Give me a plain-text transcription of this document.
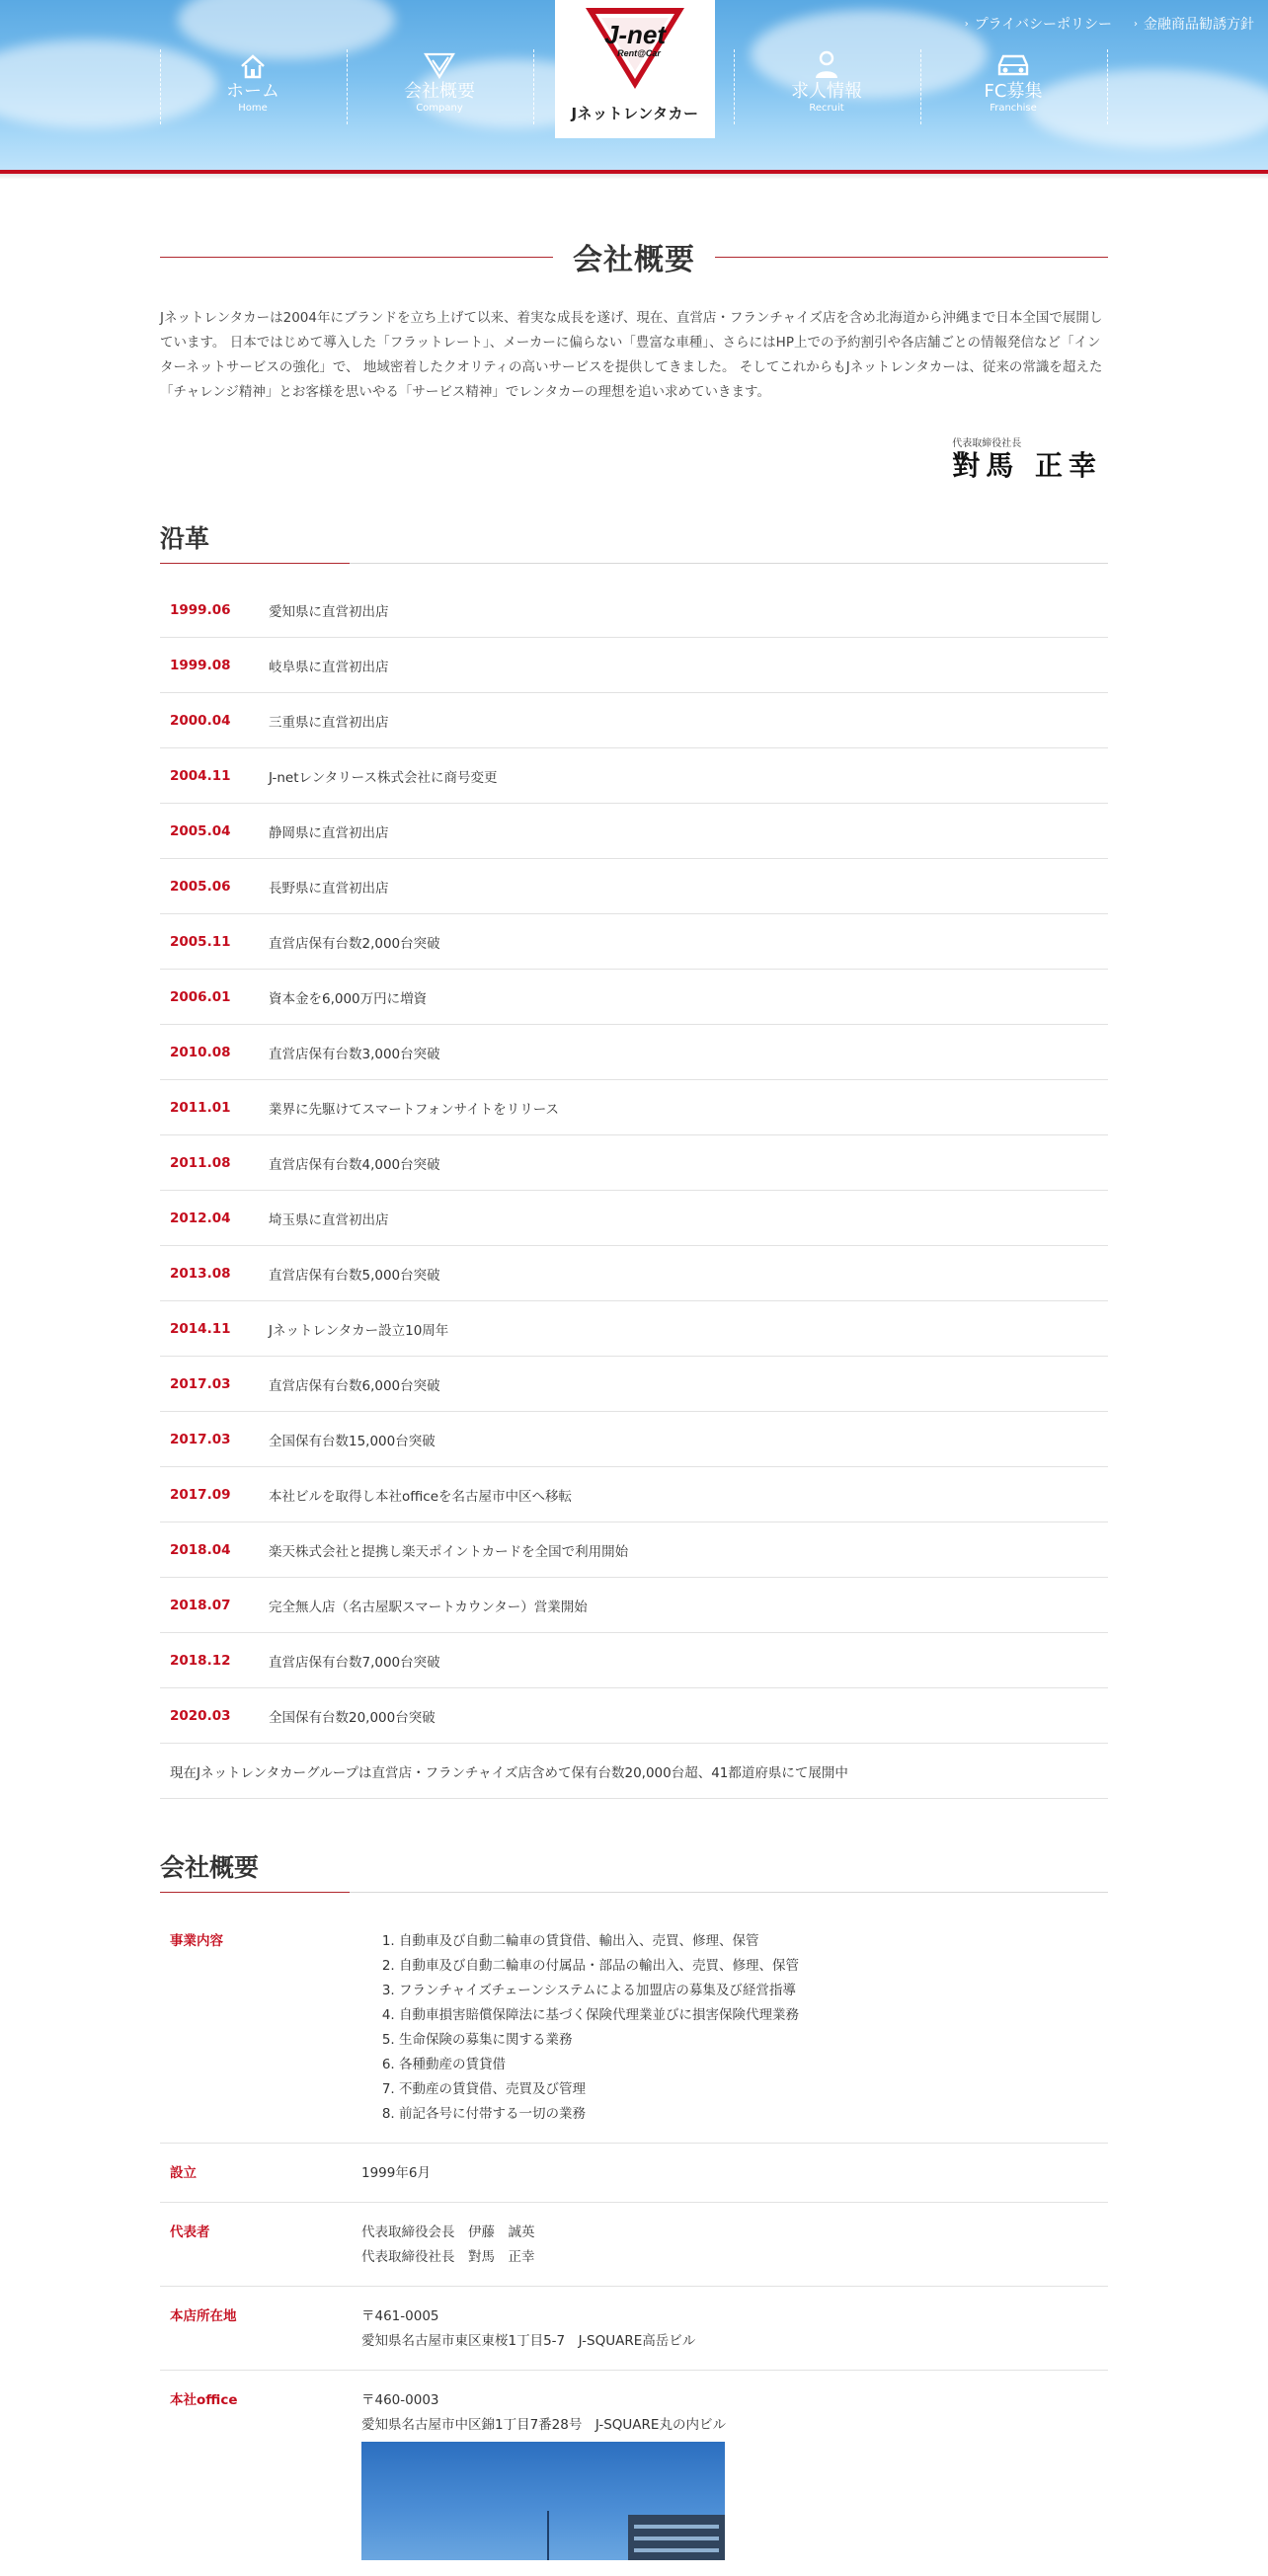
› プライバシーポリシー › 金融商品勧誘方針
ホーム
Home
会社概要
Company
求人情報
Recruit
FC募集
Franchise
J-net
Rent@Car
Jネットレンタカー
会社概要
Jネットレンタカーは2004年にブランドを立ち上げて以来、着実な成長を遂げ、現在、直営店・フランチャイズ店を含め北海道から沖縄まで日本全国で展開しています。 日本ではじめて導入した「フラットレート」、メーカーに偏らない「豊富な車種」、さらにはHP上での予約割引や各店舗ごとの情報発信など「インターネットサービスの強化」で、 地域密着したクオリティの高いサービスを提供してきました。 そしてこれからもJネットレンタカーは、従来の常識を超えた「チャレンジ精神」とお客様を思いやる「サービス精神」でレンタカーの理想を追い求めていきます。
代表取締役社長
對馬 正幸
沿革
1999.06	愛知県に直営初出店
1999.08	岐阜県に直営初出店
2000.04	三重県に直営初出店
2004.11	J-netレンタリース株式会社に商号変更
2005.04	静岡県に直営初出店
2005.06	長野県に直営初出店
2005.11	直営店保有台数2,000台突破
2006.01	資本金を6,000万円に増資
2010.08	直営店保有台数3,000台突破
2011.01	業界に先駆けてスマートフォンサイトをリリース
2011.08	直営店保有台数4,000台突破
2012.04	埼玉県に直営初出店
2013.08	直営店保有台数5,000台突破
2014.11	Jネットレンタカー設立10周年
2017.03	直営店保有台数6,000台突破
2017.03	全国保有台数15,000台突破
2017.09	本社ビルを取得し本社officeを名古屋市中区へ移転
2018.04	楽天株式会社と提携し楽天ポイントカードを全国で利用開始
2018.07	完全無人店（名古屋駅スマートカウンター）営業開始
2018.12	直営店保有台数7,000台突破
2020.03	全国保有台数20,000台突破
現在Jネットレンタカーグループは直営店・フランチャイズ店含めて保有台数20,000台超、41都道府県にて展開中
会社概要
事業内容
1.	自動車及び自動二輪車の賃貸借、輸出入、売買、修理、保管
2. 自動車及び自動二輪車の付属品・部品の輸出入、売買、修理、保管
3. フランチャイズチェーンシステムによる加盟店の募集及び経営指導
4. 自動車損害賠償保障法に基づく保険代理業並びに損害保険代理業務
5. 生命保険の募集に関する業務
6. 各種動産の賃貸借
7. 不動産の賃貸借、売買及び管理
8. 前記各号に付帯する一切の業務
設立	1999年6月
代表者	代表取締役会長　伊藤　誠英
代表取締役社長　對馬　正幸
本店所在地	〒461-0005
愛知県名古屋市東区東桜1丁目5-7　J-SQUARE高岳ビル
本社office	〒460-0003
愛知県名古屋市中区錦1丁目7番28号　J-SQUARE丸の内ビル
